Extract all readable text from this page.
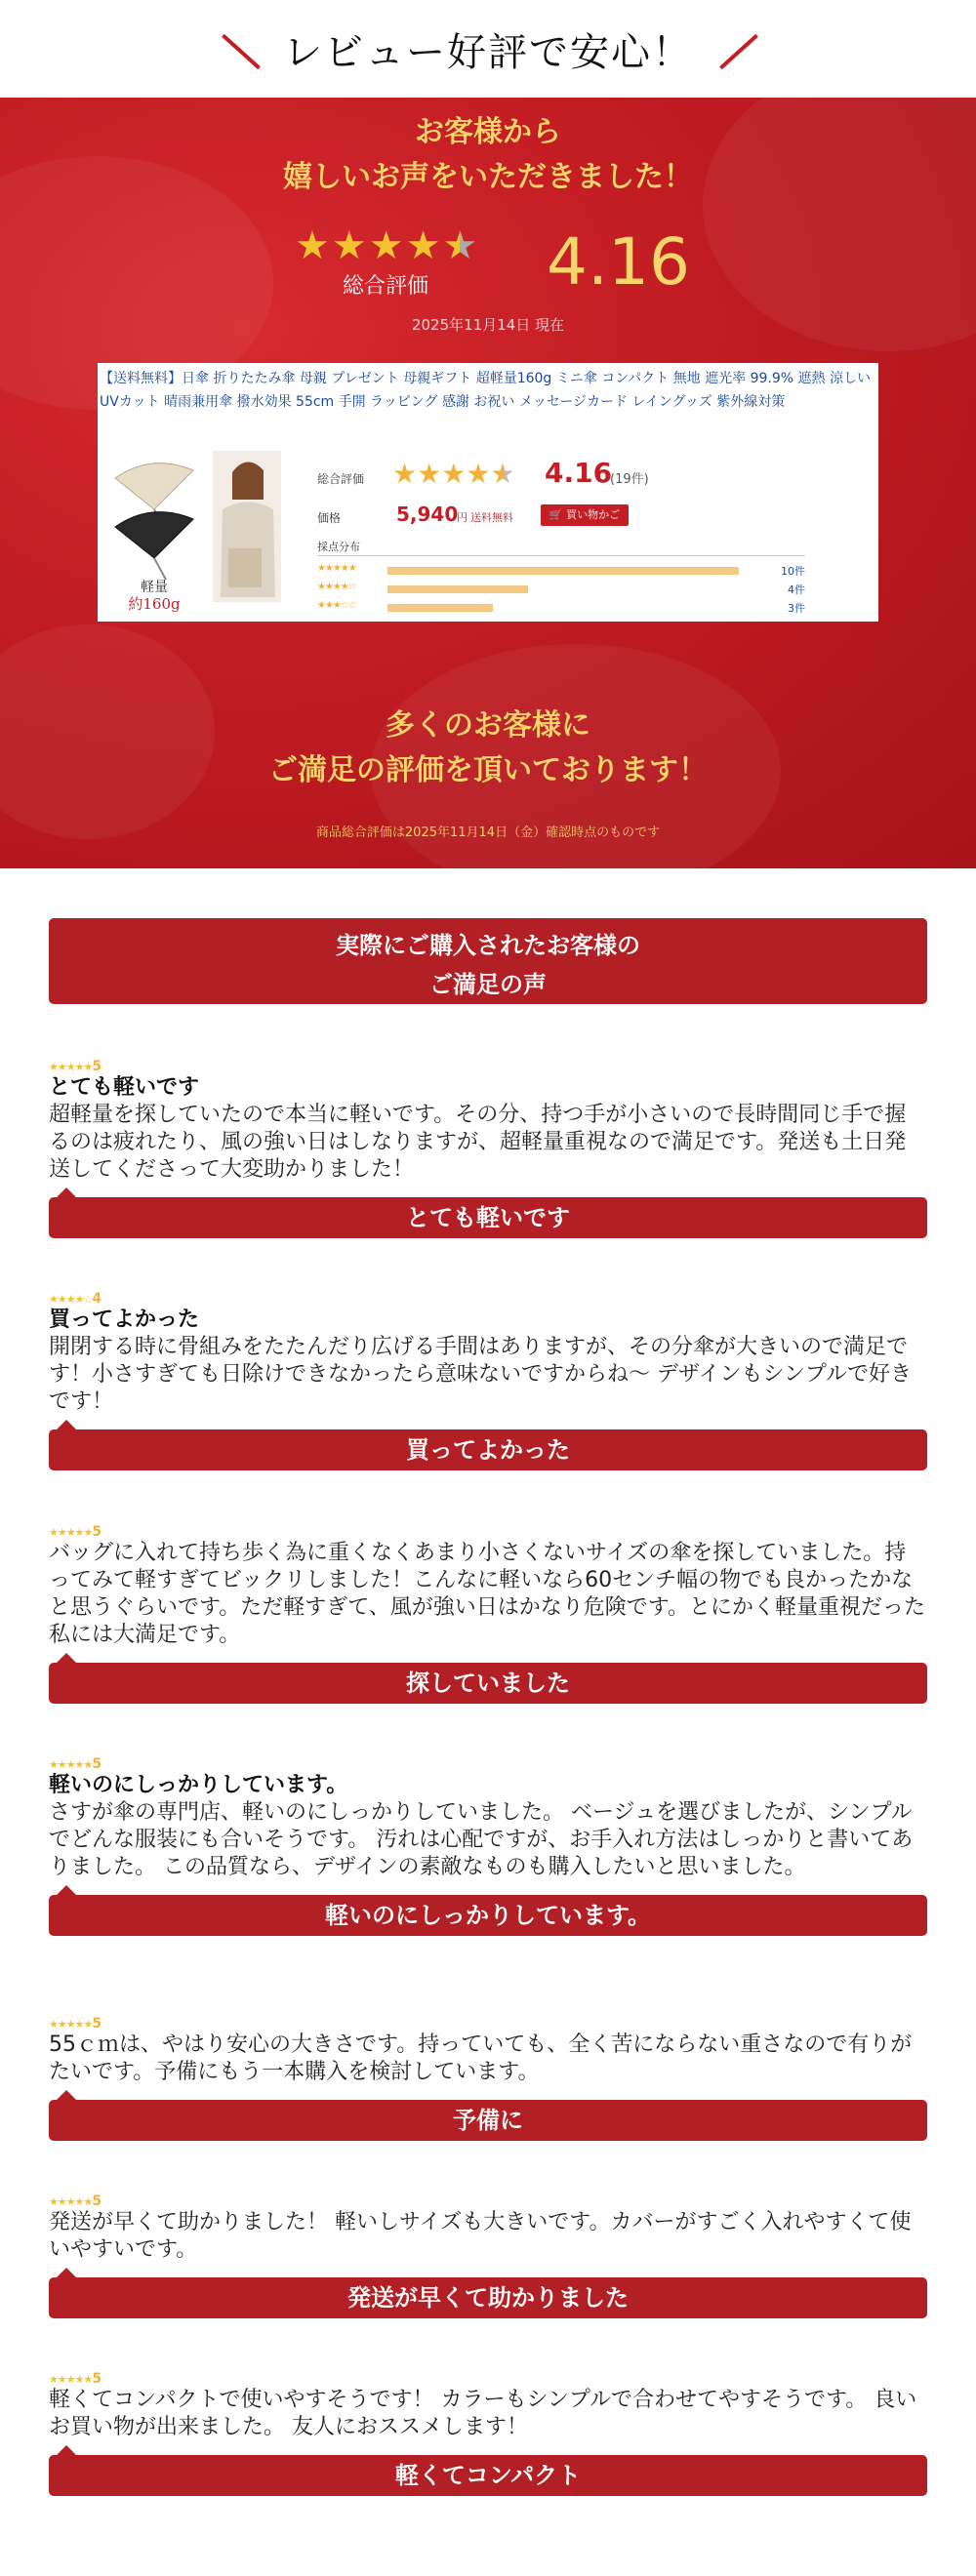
レビュー好評で安心！
お客様から
嬉しいお声をいただきました！
★ ★ ★ ★ ★
総合評価	4.16
2025年11月14日 現在
【送料無料】日傘 折りたたみ傘 母親 プレゼント 母親ギフト 超軽量160g ミニ傘 コンパクト 無地 遮光率 99.9% 遮熱 涼しい UVカット 晴雨兼用傘 撥水効果 55cm 手開 ラッピング 感謝 お祝い メッセージカード レイングッズ 紫外線対策
軽量
約160g
総合評価 ★ ★ ★ ★ ★ 4.16
(19件)
価格	5,940
円 送料無料	🛒 買い物かご
採点分布
★★★★★	10件
★★★★☆	4件
★★★☆☆	3件
多くのお客様に
ご満足の評価を頂いております！
商品総合評価は2025年11月14日（金）確認時点のものです
実際にご購入されたお客様の
ご満足の声
★★★★★5
とても軽いです
超軽量を探していたので本当に軽いです。その分、持つ手が小さいので長時間同じ手で握るのは疲れたり、風の強い日はしなりますが、超軽量重視なので満足です。発送も土日発送してくださって大変助かりました！
とても軽いです
★★★★☆4
買ってよかった
開閉する時に骨組みをたたんだり広げる手間はありますが、その分傘が大きいので満足です！小さすぎても日除けできなかったら意味ないですからね〜 デザインもシンプルで好きです！
買ってよかった
★★★★★5
バッグに入れて持ち歩く為に重くなくあまり小さくないサイズの傘を探していました。持ってみて軽すぎてビックリしました！こんなに軽いなら60センチ幅の物でも良かったかなと思うぐらいです。ただ軽すぎて、風が強い日はかなり危険です。とにかく軽量重視だった私には大満足です。
探していました
★★★★★5
軽いのにしっかりしています。
さすが傘の専門店、軽いのにしっかりしていました。 ベージュを選びましたが、シンプルでどんな服装にも合いそうです。 汚れは心配ですが、お手入れ方法はしっかりと書いてありました。 この品質なら、デザインの素敵なものも購入したいと思いました。
軽いのにしっかりしています。
★★★★★5
55ｃｍは、やはり安心の大きさです。持っていても、全く苦にならない重さなので有りがたいです。予備にもう一本購入を検討しています。
予備に
★★★★★5
発送が早くて助かりました！ 軽いしサイズも大きいです。カバーがすごく入れやすくて使いやすいです。
発送が早くて助かりました
★★★★★5
軽くてコンパクトで使いやすそうです！ カラーもシンプルで合わせてやすそうです。 良いお買い物が出来ました。 友人におススメします！
軽くてコンパクト
